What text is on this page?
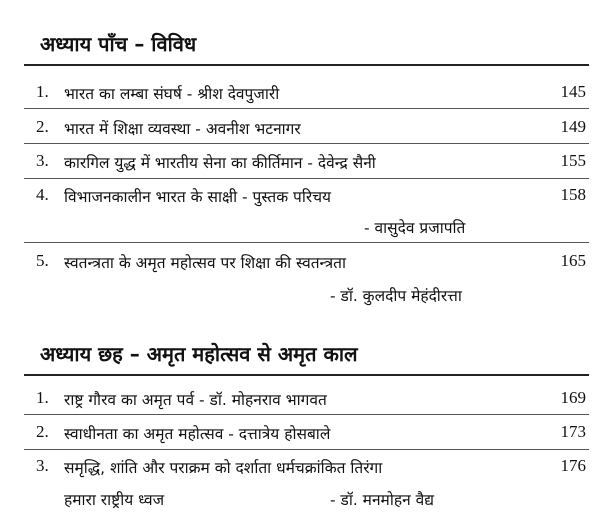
अध्याय पाँच – विविध
1. भारत का लम्बा संघर्ष - श्रीश देवपुजारी	145
2. भारत में शिक्षा व्यवस्था - अवनीश भटनागर	149
3. कारगिल युद्ध में भारतीय सेना का कीर्तिमान - देवेन्द्र सैनी	155
4. विभाजनकालीन भारत के साक्षी - पुस्तक परिचय	158
- वासुदेव प्रजापति
5. स्वतन्त्रता के अमृत महोत्सव पर शिक्षा की स्वतन्त्रता	165
- डॉ. कुलदीप मेहंदीरत्ता
अध्याय छह – अमृत महोत्सव से अमृत काल
1. राष्ट्र गौरव का अमृत पर्व - डॉ. मोहनराव भागवत	169
2. स्वाधीनता का अमृत महोत्सव - दत्तात्रेय होसबाले	173
3. समृद्धि, शांति और पराक्रम को दर्शाता धर्मचक्रांकित तिरंगा	176
हमारा राष्ट्रीय ध्वज	- डॉ. मनमोहन वैद्य
